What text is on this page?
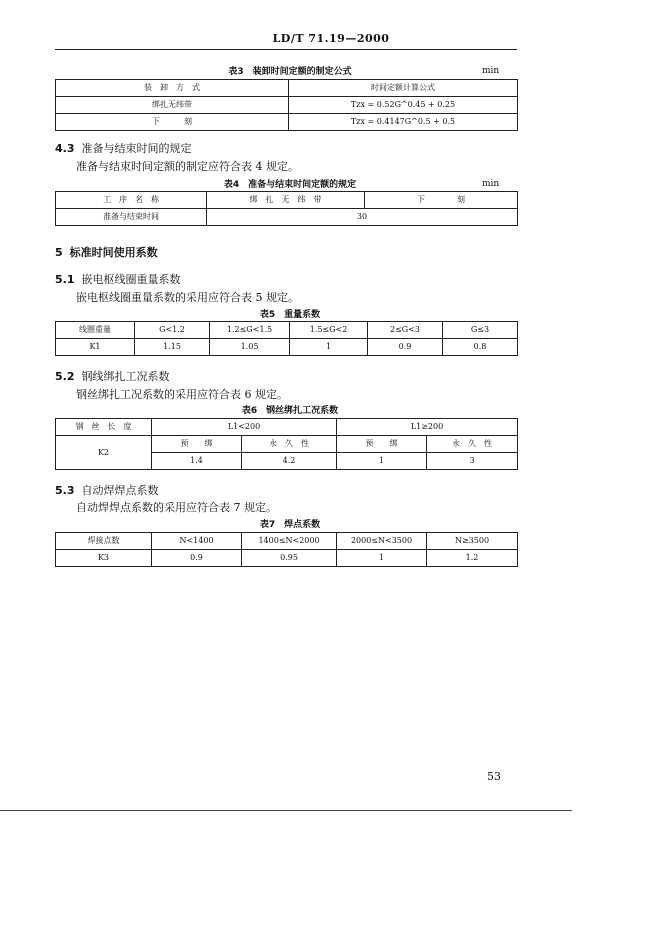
LD/T 71.19—2000
表3　装卸时间定额的制定公式	min
装　卸　方　式	时间定额计算公式
绑扎无纬带	Tzx = 0.52G^0.45 + 0.25
下　　　刻	Tzx = 0.4147G^0.5 + 0.5
4.3 准备与结束时间的规定
准备与结束时间定额的制定应符合表 4 规定。
表4　准备与结束时间定额的规定	min
工　序　名　称	绑　扎　无　纬　带	下　　　　刻
准备与结束时间	30	
5 标准时间使用系数
5.1 嵌电枢线圈重量系数
嵌电枢线圈重量系数的采用应符合表 5 规定。
表5　重量系数
线圈重量	G<1.2	1.2≤G<1.5	1.5≤G<2	2≤G<3	G≤3
K1	1.15	1.05	1	0.9	0.8
5.2 钢线绑扎工况系数
钢丝绑扎工况系数的采用应符合表 6 规定。
表6　钢丝绑扎工况系数
钢　丝　长　度	L1<200		L1≥200	
K2	预　　绑	永　久　性	预　　绑	永　久　性
	1.4	4.2	1	3
5.3 自动焊焊点系数
自动焊焊点系数的采用应符合表 7 规定。
表7　焊点系数
焊接点数	N<1400	1400≤N<2000	2000≤N<3500	N≥3500
K3	0.9	0.95	1	1.2
53
